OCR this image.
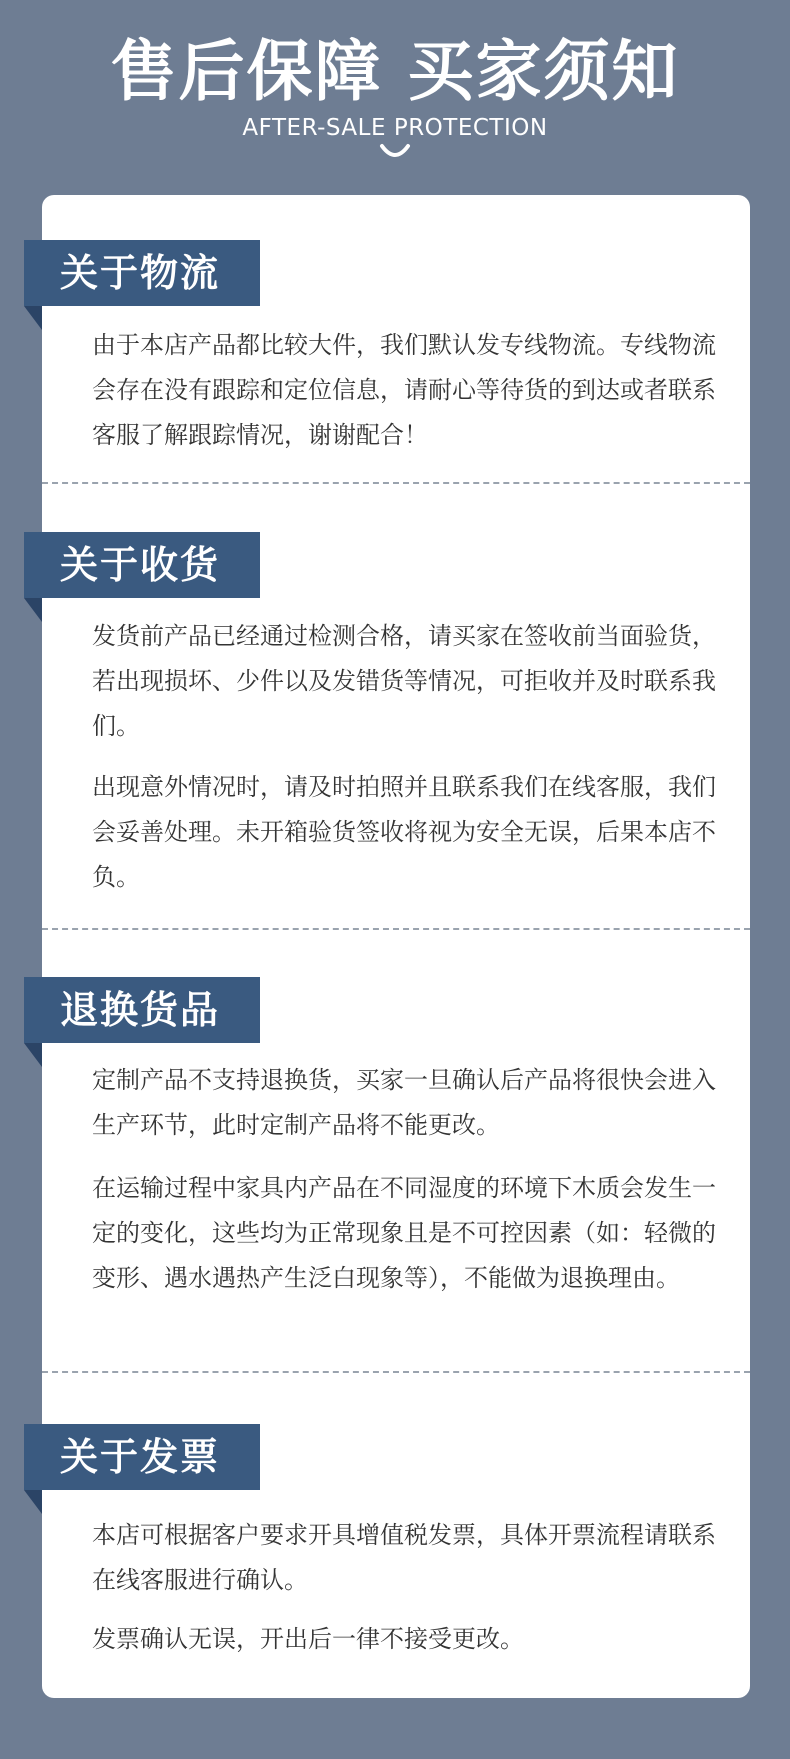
售后保障 买家须知
AFTER-SALE PROTECTION
关于物流

由于本店产品都比较大件，我们默认发专线物流。专线物流会存在没有跟踪和定位信息，请耐心等待货的到达或者联系客服了解跟踪情况，谢谢配合！

关于收货

发货前产品已经通过检测合格，请买家在签收前当面验货，若出现损坏、少件以及发错货等情况，可拒收并及时联系我们。

出现意外情况时，请及时拍照并且联系我们在线客服，我们会妥善处理。未开箱验货签收将视为安全无误，后果本店不负。

退换货品

定制产品不支持退换货，买家一旦确认后产品将很快会进入生产环节，此时定制产品将不能更改。

在运输过程中家具内产品在不同湿度的环境下木质会发生一定的变化，这些均为正常现象且是不可控因素（如：轻微的变形、遇水遇热产生泛白现象等），不能做为退换理由。

关于发票

本店可根据客户要求开具增值税发票，具体开票流程请联系在线客服进行确认。

发票确认无误，开出后一律不接受更改。
